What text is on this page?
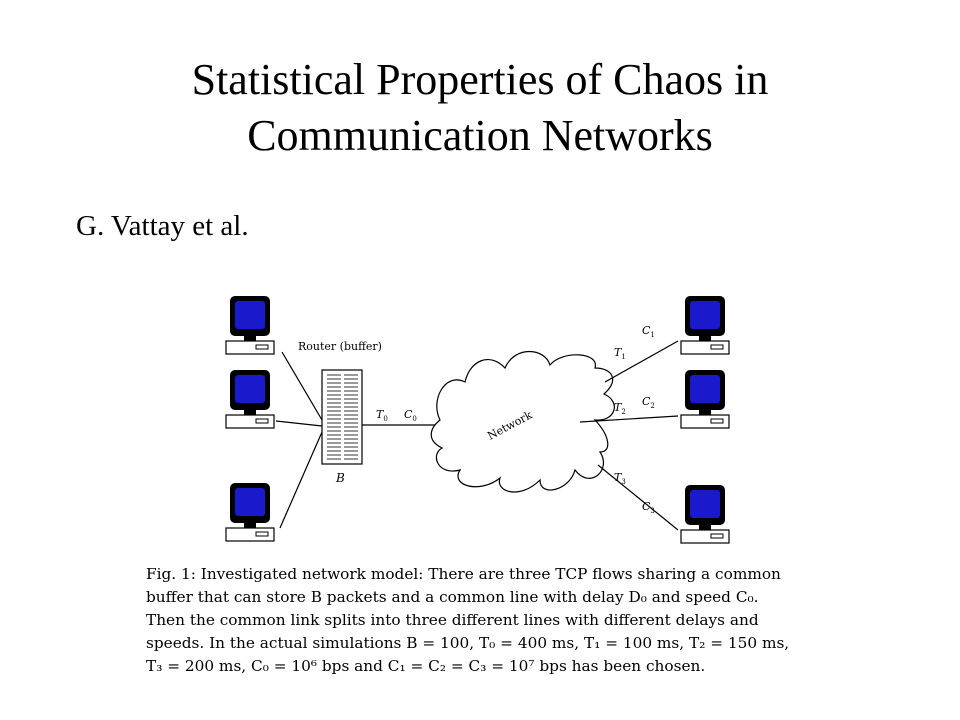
Statistical Properties of Chaos in
Communication Networks
G. Vattay et al.
Router (buffer)
B
$T_0$ $C_0$	Network
$T_1$
$C_1$
$T_2$
$C_2$
$T_3$
$C_3$
Fig. 1: Investigated network model: There are three TCP flows sharing a common
buffer that can store B packets and a common line with delay D₀ and speed C₀.
Then the common link splits into three different lines with different delays and
speeds. In the actual simulations B = 100, T₀ = 400 ms, T₁ = 100 ms, T₂ = 150 ms,
T₃ = 200 ms, C₀ = 10⁶ bps and C₁ = C₂ = C₃ = 10⁷ bps has been chosen.
